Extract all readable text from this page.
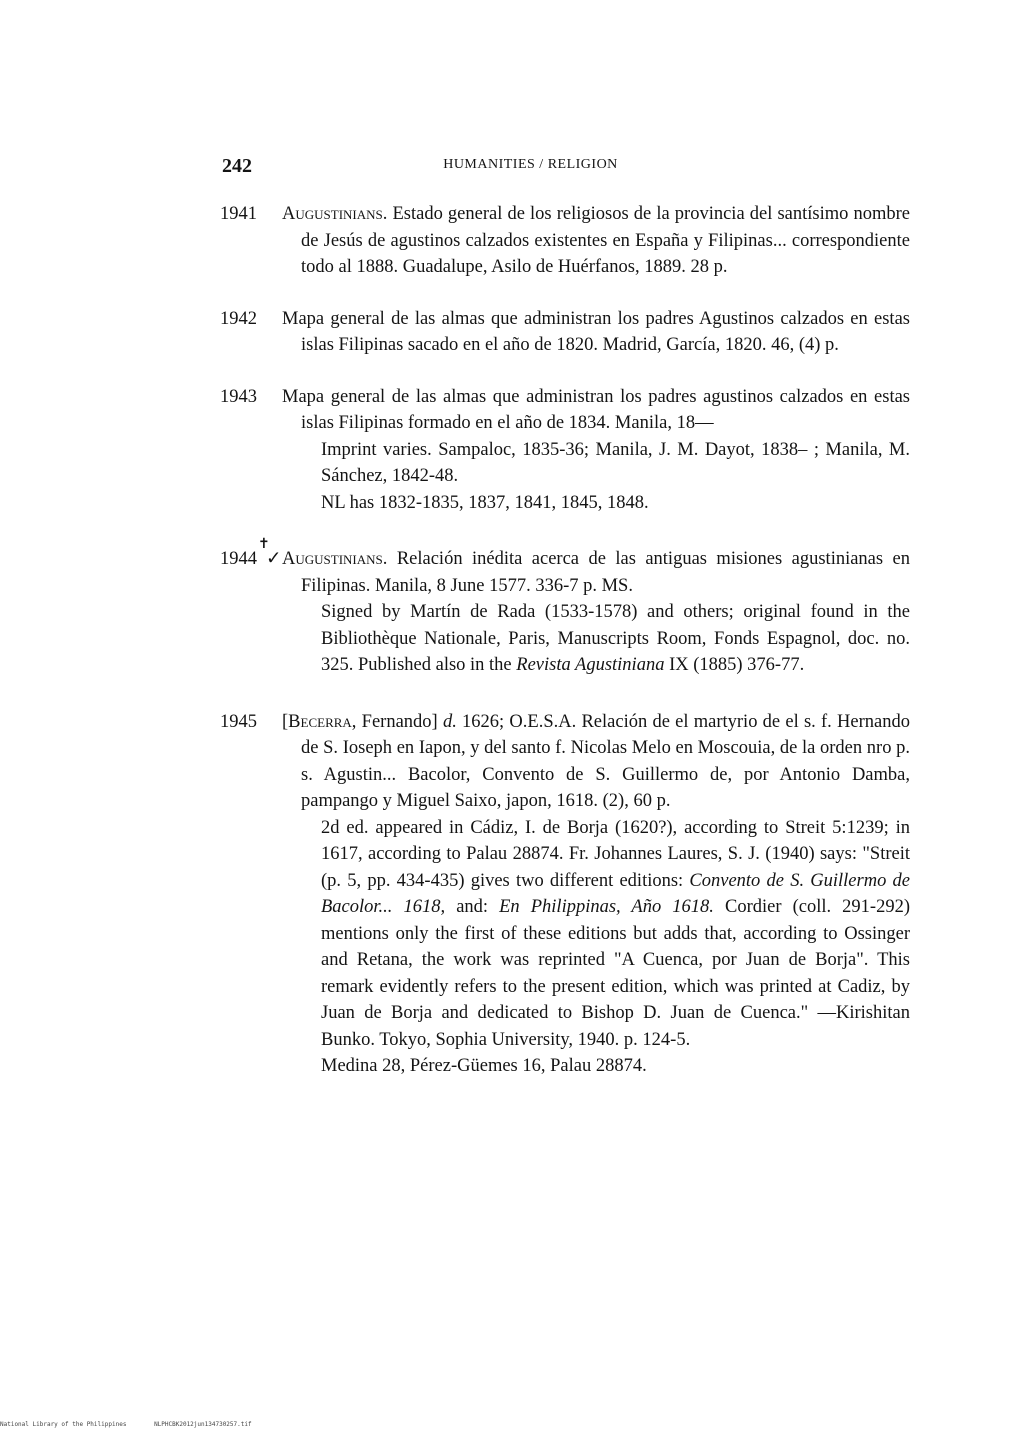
242	HUMANITIES / RELIGION
1941	Augustinians. Estado general de los religiosos de la provincia del santísimo nombre de Jesús de agustinos calzados existentes en España y Filipinas... correspondiente todo al 1888. Guadalupe, Asilo de Huérfanos, 1889. 28 p.

1942	Mapa general de las almas que administran los padres Agustinos calzados en estas islas Filipinas sacado en el año de 1820. Madrid, García, 1820. 46, (4) p.

1943	Mapa general de las almas que administran los padres agustinos calzados en estas islas Filipinas formado en el año de 1834. Manila, 18—

Imprint varies. Sampaloc, 1835-36; Manila, J. M. Dayot, 1838– ; Manila, M. Sánchez, 1842-48.

NL has 1832-1835, 1837, 1841, 1845, 1848.

✝
1944 ✓ Augustinians. Relación inédita acerca de las antiguas misiones agustinianas en Filipinas. Manila, 8 June 1577. 336-7 p. MS.

Signed by Martín de Rada (1533-1578) and others; original found in the Bibliothèque Nationale, Paris, Manuscripts Room, Fonds Espagnol, doc. no. 325. Published also in the Revista Agustiniana IX (1885) 376-77.

1945	[Becerra, Fernando] d. 1626; O.E.S.A. Relación de el martyrio de el s. f. Hernando de S. Ioseph en Iapon, y del santo f. Nicolas Melo en Moscouia, de la orden nro p. s. Agustin... Bacolor, Convento de S. Guillermo de, por Antonio Damba, pampango y Miguel Saixo, japon, 1618. (2), 60 p.

2d ed. appeared in Cádiz, I. de Borja (1620?), according to Streit 5:1239; in 1617, according to Palau 28874. Fr. Johannes Laures, S. J. (1940) says: "Streit (p. 5, pp. 434-435) gives two different editions: Convento de S. Guillermo de Bacolor... 1618, and: En Philippinas, Año 1618. Cordier (coll. 291-292) mentions only the first of these editions but adds that, according to Ossinger and Retana, the work was reprinted "A Cuenca, por Juan de Borja". This remark evidently refers to the present edition, which was printed at Cadiz, by Juan de Borja and dedicated to Bishop D. Juan de Cuenca." —Kirishitan Bunko. Tokyo, Sophia University, 1940. p. 124-5.

Medina 28, Pérez-Güemes 16, Palau 28874.

National Library of the Philippines	NLPHCBK2012jun134730257.tif
